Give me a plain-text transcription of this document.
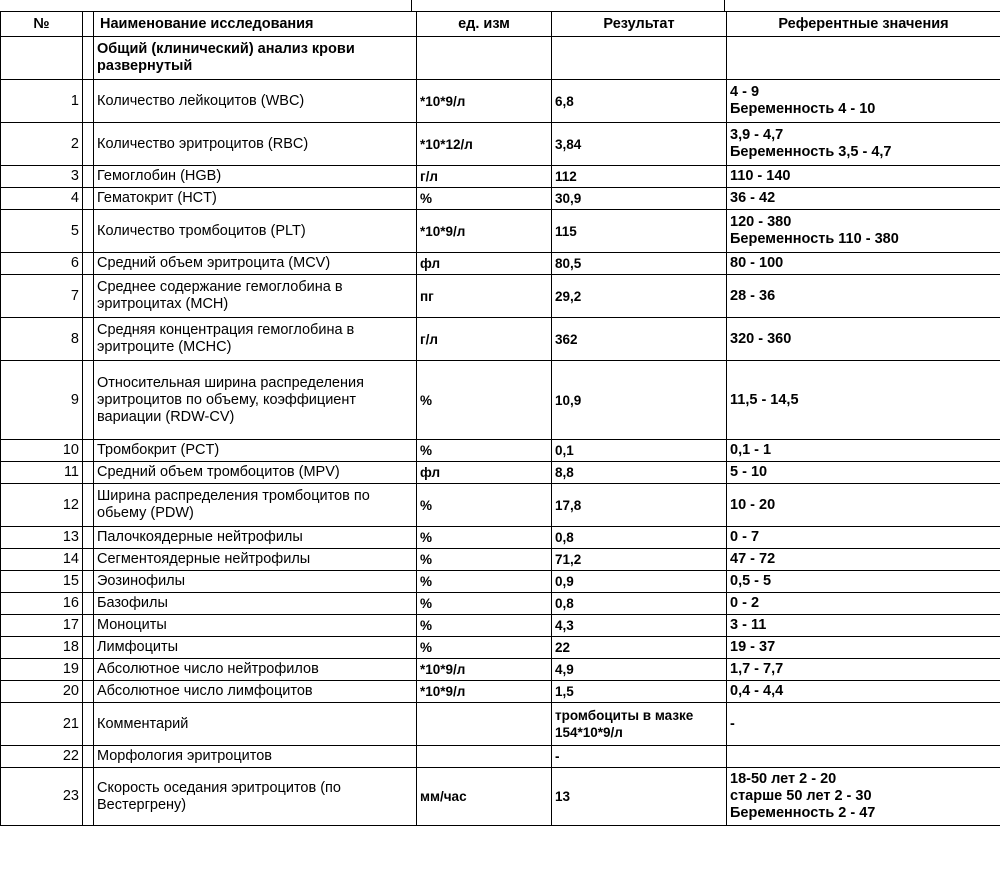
№		Наименование исследования	ед. изм	Результат	Референтные значения
		Общий (клинический) анализ крови развернутый			
1		Количество лейкоцитов (WBC)	*10*9/л	6,8	4 - 9
Беременность 4 - 10

2		Количество эритроцитов (RBC)	*10*12/л	3,84	3,9 - 4,7
Беременность 3,5 - 4,7

3		Гемоглобин (HGB)	г/л	112	110 - 140

4		Гематокрит (HCT)	%	30,9	36 - 42

5		Количество тромбоцитов (PLT)	*10*9/л	115	120 - 380
Беременность 110 - 380

6		Средний объем эритроцита (MCV)	фл	80,5	80 - 100

7		Среднее содержание гемоглобина в эритроцитах (MCH)	пг	29,2	28 - 36

8		Средняя концентрация гемоглобина в эритроците (MCHC)	г/л	362	320 - 360

9		Относительная ширина распределения эритроцитов по объему, коэффициент вариации (RDW-CV)	%	10,9	11,5 - 14,5

10		Тромбокрит (PCT)	%	0,1	0,1 - 1

11		Средний объем тромбоцитов (MPV)	фл	8,8	5 - 10

12		Ширина распределения тромбоцитов по обьему (PDW)	%	17,8	10 - 20

13		Палочкоядерные нейтрофилы	%	0,8	0 - 7

14		Сегментоядерные нейтрофилы	%	71,2	47 - 72

15		Эозинофилы	%	0,9	0,5 - 5

16		Базофилы	%	0,8	0 - 2

17		Моноциты	%	4,3	3 - 11

18		Лимфоциты	%	22	19 - 37

19		Абсолютное число нейтрофилов	*10*9/л	4,9	1,7 - 7,7

20		Абсолютное число лимфоцитов	*10*9/л	1,5	0,4 - 4,4

21		Комментарий		тромбоциты в мазке 154*10*9/л	-

22		Морфология эритроцитов		-	

23		Скорость оседания эритроцитов (по Вестергрену)	мм/час	13	18-50 лет 2 - 20
старше 50 лет 2 - 30
Беременность 2 - 47
